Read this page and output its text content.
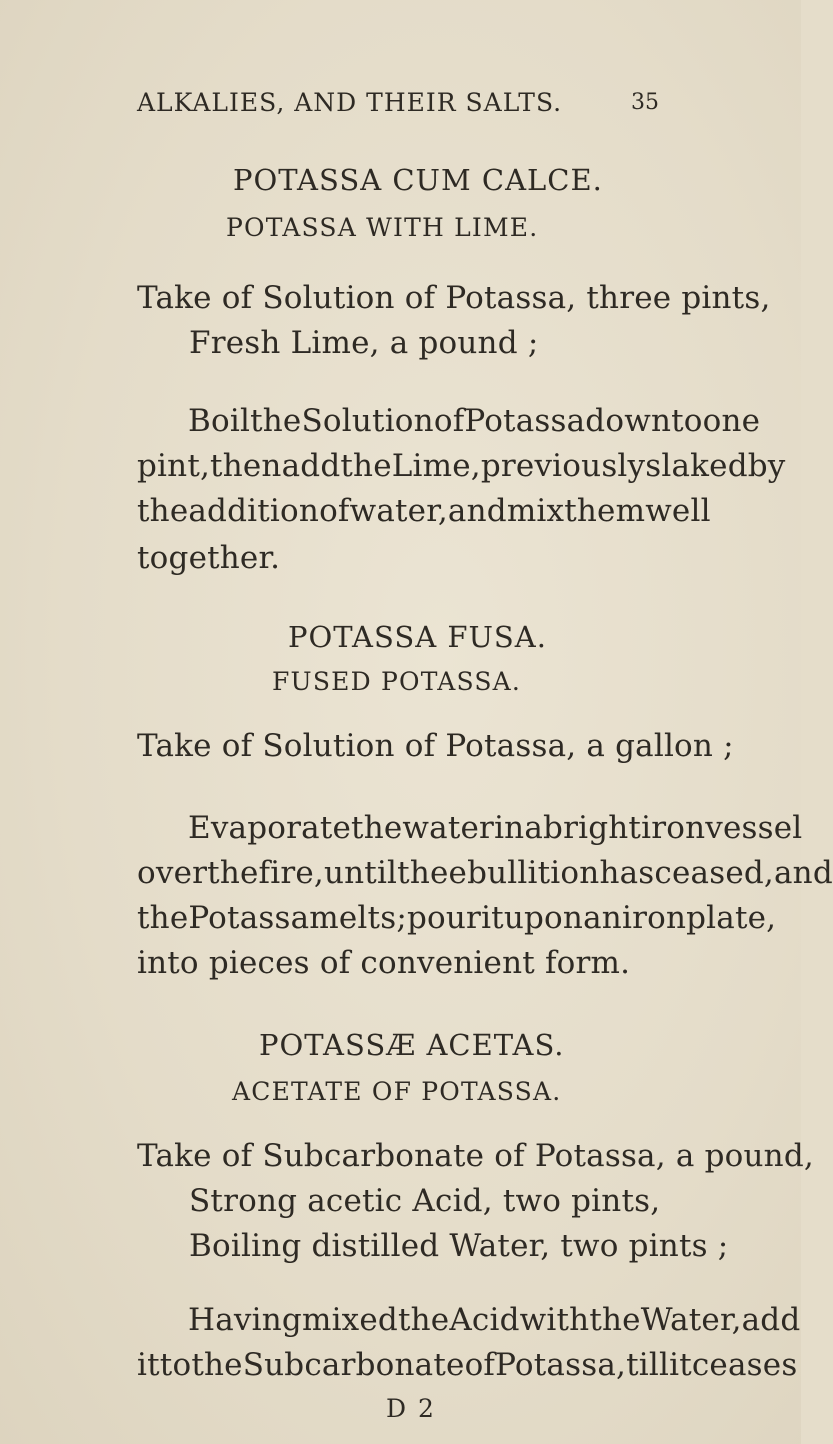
ALKALIES, AND THEIR SALTS.	35
POTASSA CUM CALCE.
POTASSA WITH LIME.
Take of Solution of Potassa, three pints,
Fresh Lime, a pound ;
Boil the Solution of Potassa down to one
pint, then add the Lime, previously slaked by
the addition of water, and mix them well
together.
POTASSA FUSA.
FUSED POTASSA.
Take of Solution of Potassa, a gallon ;
Evaporate the water in a bright iron vessel
over the fire, until the ebullition has ceased, and
the Potassa melts ; pour it upon an iron plate,
into pieces of convenient form.
POTASSÆ ACETAS.
ACETATE OF POTASSA.
Take of Subcarbonate of Potassa, a pound,
Strong acetic Acid, two pints,
Boiling distilled Water, two pints ;
Having mixed the Acid with the Water, add
it to the Subcarbonate of Potassa, till it ceases
D 2
